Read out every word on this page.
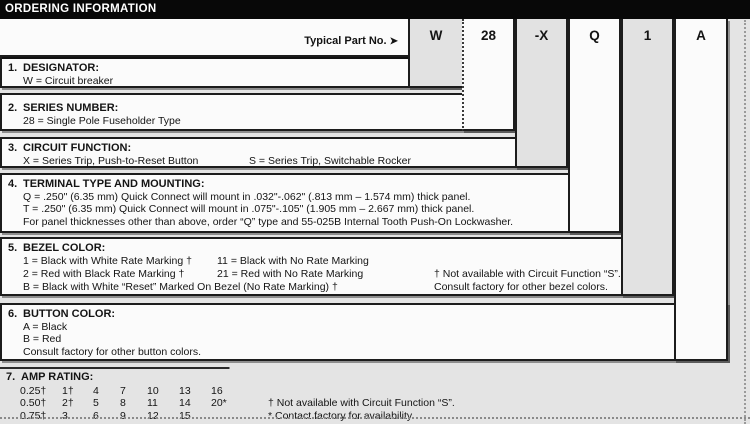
ORDERING INFORMATION
Typical Part No. ➤	W	28	-X	Q	1	A
1. DESIGNATOR:
W = Circuit breaker
2. SERIES NUMBER:
28 = Single Pole Fuseholder Type
3. CIRCUIT FUNCTION:
X = Series Trip, Push-to-Reset Button	S = Series Trip, Switchable Rocker
4. TERMINAL TYPE AND MOUNTING:
Q = .250" (6.35 mm) Quick Connect will mount in .032"-.062" (.813 mm – 1.574 mm) thick panel.
T = .250" (6.35 mm) Quick Connect will mount in .075"-.105" (1.905 mm – 2.667 mm) thick panel.
For panel thicknesses other than above, order “Q” type and 55-025B Internal Tooth Push-On Lockwasher.
5. BEZEL COLOR:
1 = Black with White Rate Marking † 11 = Black with No Rate Marking
2 = Red with Black Rate Marking †	21 = Red with No Rate Marking	† Not available with Circuit Function “S”.
B = Black with White “Reset” Marked On Bezel (No Rate Marking) †	Consult factory for other bezel colors.
6. BUTTON COLOR:
A = Black
B = Red
Consult factory for other button colors.
7. AMP RATING:
0.25† 1† 4 7 10 13 16
0.50† 2† 5 8 11 14 20*	† Not available with Circuit Function “S”.
0.75† 3 6 9 12 15	* Contact factory for availability.
